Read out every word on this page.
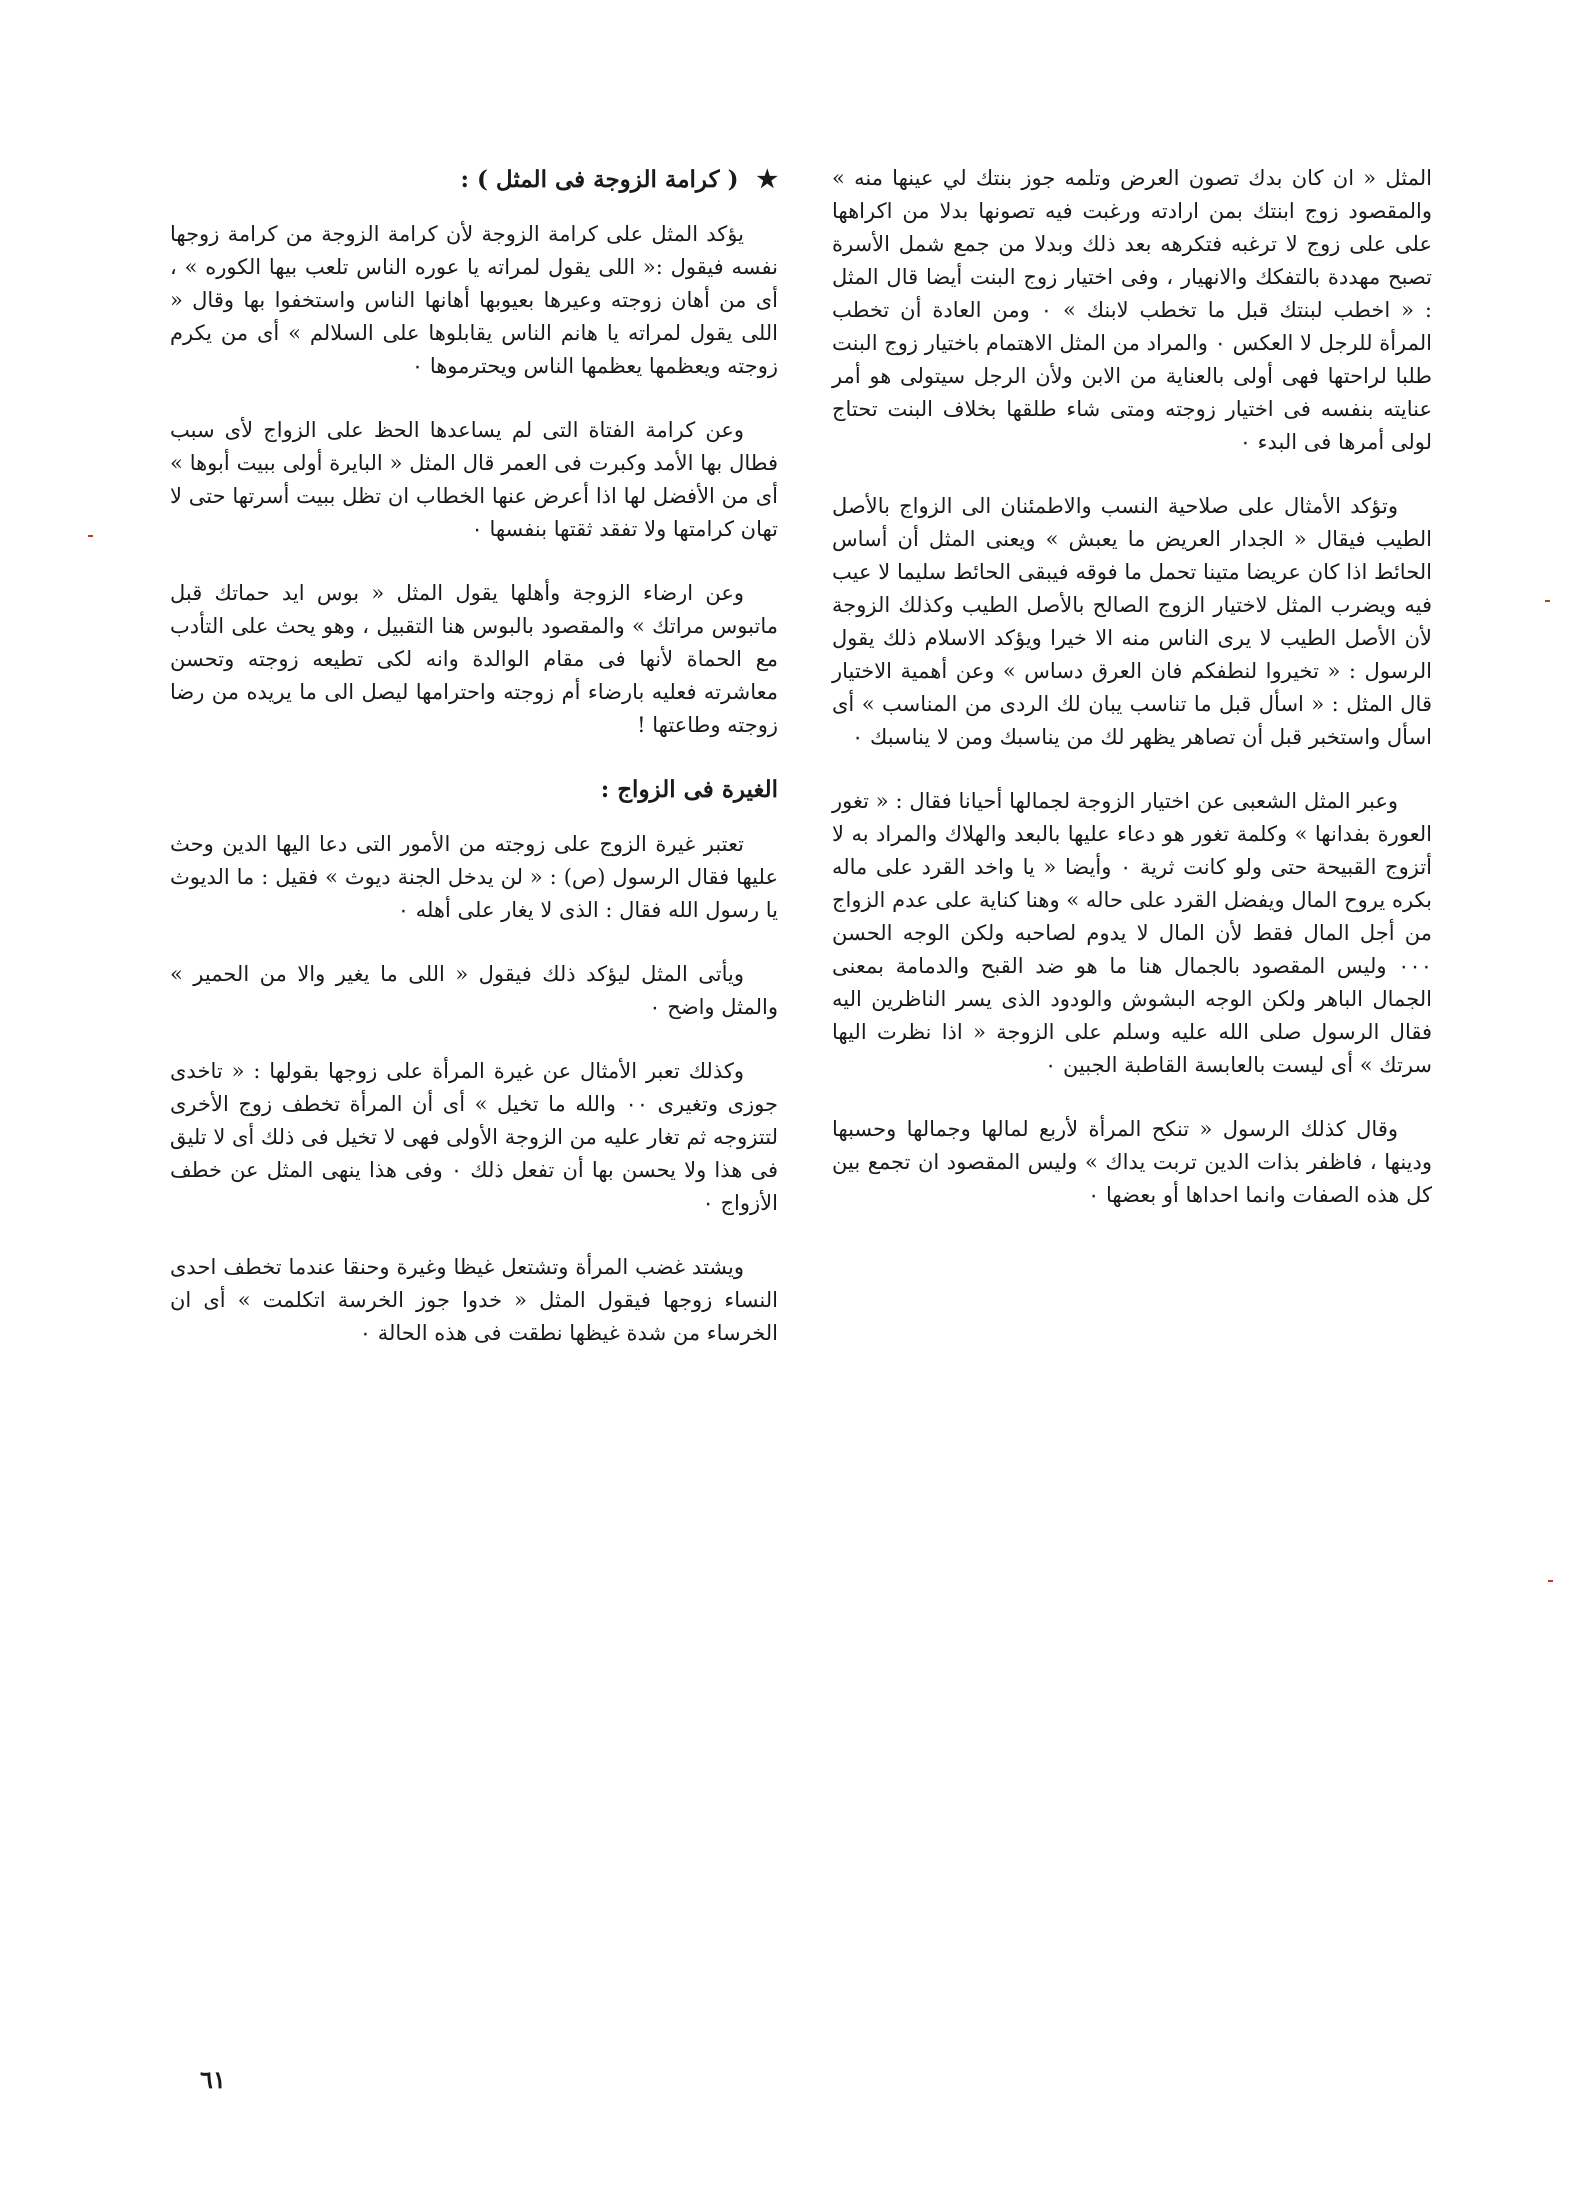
المثل « ان كان بدك تصون العرض وتلمه جوز بنتك لي عينها منه » والمقصود زوج ابنتك بمن ارادته ورغبت فيه تصونها بدلا من اكراهها على على زوج لا ترغبه فتكرهه بعد ذلك وبدلا من جمع شمل الأسرة تصبح مهددة بالتفكك والانهيار ، وفى اختيار زوج البنت أيضا قال المثل : « اخطب لبنتك قبل ما تخطب لابنك » ٠ ومن العادة أن تخطب المرأة للرجل لا العكس ٠ والمراد من المثل الاهتمام باختيار زوج البنت طلبا لراحتها فهى أولى بالعناية من الابن ولأن الرجل سيتولى هو أمر عنايته بنفسه فى اختيار زوجته ومتى شاء طلقها بخلاف البنت تحتاج لولى أمرها فى البدء ٠

وتؤكد الأمثال على صلاحية النسب والاطمئنان الى الزواج بالأصل الطيب فيقال « الجدار العريض ما يعبش » ويعنى المثل أن أساس الحائط اذا كان عريضا متينا تحمل ما فوقه فيبقى الحائط سليما لا عيب فيه ويضرب المثل لاختيار الزوج الصالح بالأصل الطيب وكذلك الزوجة لأن الأصل الطيب لا يرى الناس منه الا خيرا ويؤكد الاسلام ذلك يقول الرسول : « تخيروا لنطفكم فان العرق دساس » وعن أهمية الاختيار قال المثل : « اسأل قبل ما تناسب يبان لك الردى من المناسب » أى اسأل واستخبر قبل أن تصاهر يظهر لك من يناسبك ومن لا يناسبك ٠

وعبر المثل الشعبى عن اختيار الزوجة لجمالها أحيانا فقال : « تغور العورة بفدانها » وكلمة تغور هو دعاء عليها بالبعد والهلاك والمراد به لا أتزوج القبيحة حتى ولو كانت ثرية ٠ وأيضا « يا واخد القرد على ماله بكره يروح المال ويفضل القرد على حاله » وهنا كناية على عدم الزواج من أجل المال فقط لأن المال لا يدوم لصاحبه ولكن الوجه الحسن ٠٠٠ وليس المقصود بالجمال هنا ما هو ضد القبح والدمامة بمعنى الجمال الباهر ولكن الوجه البشوش والودود الذى يسر الناظرين اليه فقال الرسول صلى الله عليه وسلم على الزوجة « اذا نظرت اليها سرتك » أى ليست بالعابسة القاطبة الجبين ٠

وقال كذلك الرسول « تنكح المرأة لأربع لمالها وجمالها وحسبها ودينها ، فاظفر بذات الدين تربت يداك » وليس المقصود ان تجمع بين كل هذه الصفات وانما احداها أو بعضها ٠

★ ( كرامة الزوجة فى المثل ) :

يؤكد المثل على كرامة الزوجة لأن كرامة الزوجة من كرامة زوجها نفسه فيقول :« اللى يقول لمراته يا عوره الناس تلعب بيها الكوره » ، أى من أهان زوجته وعيرها بعيوبها أهانها الناس واستخفوا بها وقال « اللى يقول لمراته يا هانم الناس يقابلوها على السلالم » أى من يكرم زوجته ويعظمها يعظمها الناس ويحترموها ٠

وعن كرامة الفتاة التى لم يساعدها الحظ على الزواج لأى سبب فطال بها الأمد وكبرت فى العمر قال المثل « البايرة أولى ببيت أبوها » أى من الأفضل لها اذا أعرض عنها الخطاب ان تظل ببيت أسرتها حتى لا تهان كرامتها ولا تفقد ثقتها بنفسها ٠

وعن ارضاء الزوجة وأهلها يقول المثل « بوس ايد حماتك قبل ماتبوس مراتك » والمقصود بالبوس هنا التقبيل ، وهو يحث على التأدب مع الحماة لأنها فى مقام الوالدة وانه لكى تطيعه زوجته وتحسن معاشرته فعليه بارضاء أم زوجته واحترامها ليصل الى ما يريده من رضا زوجته وطاعتها !

الغيرة فى الزواج :

تعتبر غيرة الزوج على زوجته من الأمور التى دعا اليها الدين وحث عليها فقال الرسول (ص) : « لن يدخل الجنة ديوث » فقيل : ما الديوث يا رسول الله فقال : الذى لا يغار على أهله ٠

ويأتى المثل ليؤكد ذلك فيقول « اللى ما يغير والا من الحمير » والمثل واضح ٠

وكذلك تعبر الأمثال عن غيرة المرأة على زوجها بقولها : « تاخدى جوزى وتغيرى ٠٠ والله ما تخيل » أى أن المرأة تخطف زوج الأخرى لتتزوجه ثم تغار عليه من الزوجة الأولى فهى لا تخيل فى ذلك أى لا تليق فى هذا ولا يحسن بها أن تفعل ذلك ٠ وفى هذا ينهى المثل عن خطف الأزواج ٠

ويشتد غضب المرأة وتشتعل غيظا وغيرة وحنقا عندما تخطف احدى النساء زوجها فيقول المثل « خدوا جوز الخرسة اتكلمت » أى ان الخرساء من شدة غيظها نطقت فى هذه الحالة ٠

٦١
